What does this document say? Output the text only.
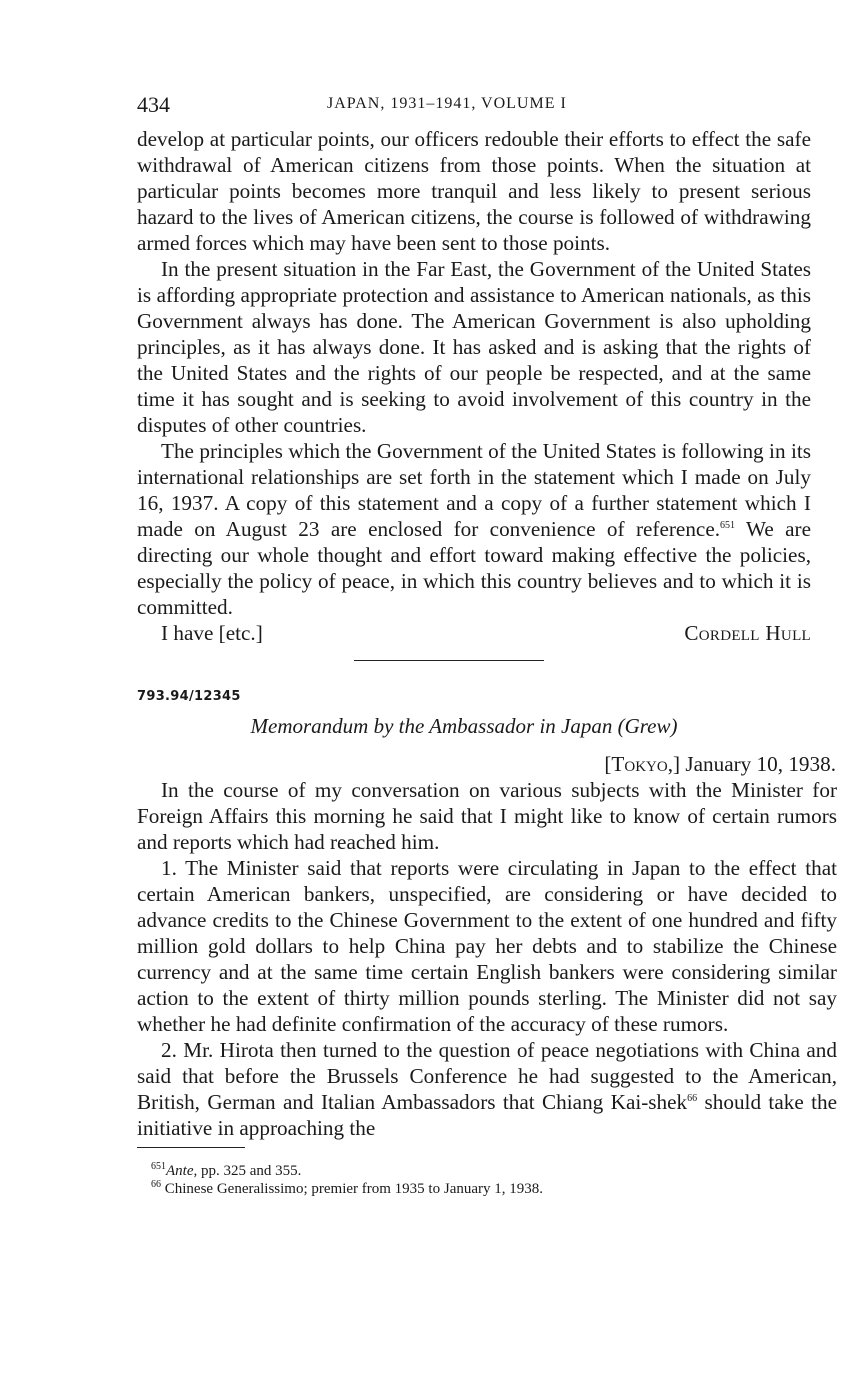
434	JAPAN, 1931–1941, VOLUME I

develop at particular points, our officers redouble their efforts to effect the safe withdrawal of American citizens from those points. When the situation at particular points becomes more tranquil and less likely to present serious hazard to the lives of American citizens, the course is followed of withdrawing armed forces which may have been sent to those points.

In the present situation in the Far East, the Government of the United States is affording appropriate protection and assistance to American nationals, as this Government always has done. The American Government is also upholding principles, as it has always done. It has asked and is asking that the rights of the United States and the rights of our people be respected, and at the same time it has sought and is seeking to avoid involvement of this country in the disputes of other countries.

The principles which the Government of the United States is following in its international relationships are set forth in the statement which I made on July 16, 1937. A copy of this statement and a copy of a further statement which I made on August 23 are enclosed for convenience of reference.$^{651}$ We are directing our whole thought and effort toward making effective the policies, especially the policy of peace, in which this country believes and to which it is committed.

I have [etc.]	Cordell Hull
793.94/12345
Memorandum by the Ambassador in Japan (Grew)
[Tokyo,] January 10, 1938.

In the course of my conversation on various subjects with the Minister for Foreign Affairs this morning he said that I might like to know of certain rumors and reports which had reached him.

1. The Minister said that reports were circulating in Japan to the effect that certain American bankers, unspecified, are considering or have decided to advance credits to the Chinese Government to the extent of one hundred and fifty million gold dollars to help China pay her debts and to stabilize the Chinese currency and at the same time certain English bankers were considering similar action to the extent of thirty million pounds sterling. The Minister did not say whether he had definite confirmation of the accuracy of these rumors.

2. Mr. Hirota then turned to the question of peace negotiations with China and said that before the Brussels Conference he had suggested to the American, British, German and Italian Ambassadors that Chiang Kai-shek$^{66}$ should take the initiative in approaching the

$^{651}$Ante, pp. 325 and 355.
$^{66}$ Chinese Generalissimo; premier from 1935 to January 1, 1938.
